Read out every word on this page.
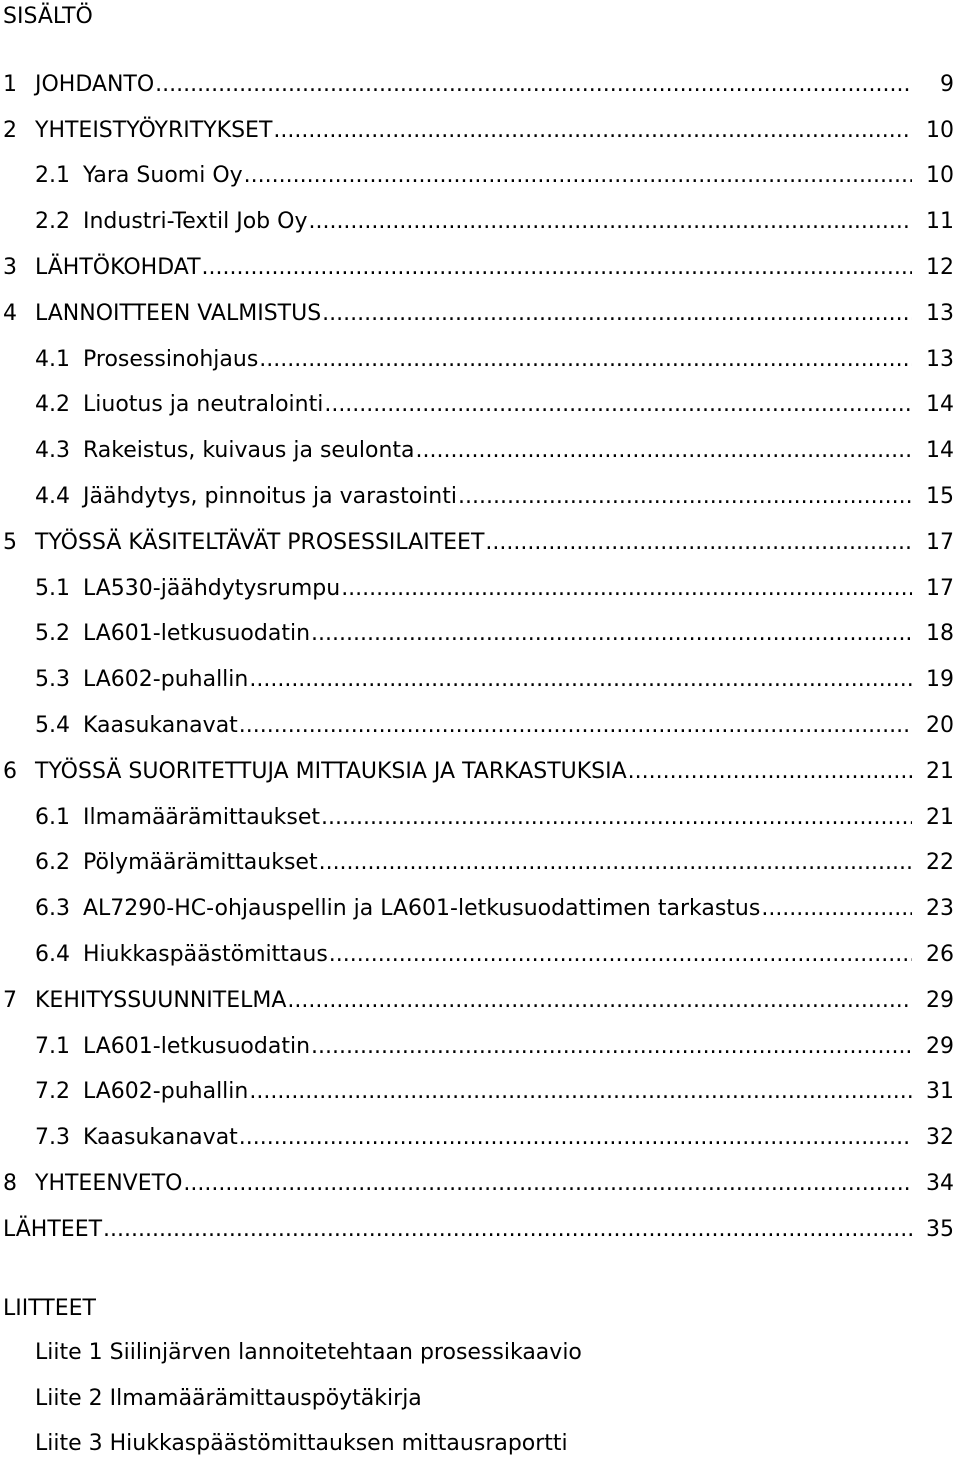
SISÄLTÖ
1 JOHDANTO .....	9
2 YHTEISTYÖYRITYKSET .....	10
2.1 Yara Suomi Oy .....	10
2.2 Industri-Textil Job Oy .....	11
3 LÄHTÖKOHDAT .....	12
4 LANNOITTEEN VALMISTUS .....	13
4.1 Prosessinohjaus .....	13
4.2 Liuotus ja neutralointi .....	14
4.3 Rakeistus, kuivaus ja seulonta .....	14
4.4 Jäähdytys, pinnoitus ja varastointi .....	15
5 TYÖSSÄ KÄSITELTÄVÄT PROSESSILAITEET .....	17
5.1 LA530-jäähdytysrumpu .....	17
5.2 LA601-letkusuodatin .....	18
5.3 LA602-puhallin .....	19
5.4 Kaasukanavat .....	20
6 TYÖSSÄ SUORITETTUJA MITTAUKSIA JA TARKASTUKSIA .....	21
6.1 Ilmamäärämittaukset .....	21
6.2 Pölymäärämittaukset .....	22
6.3 AL7290-HC-ohjauspellin ja LA601-letkusuodattimen tarkastus .....	23
6.4 Hiukkaspäästömittaus .....	26
7 KEHITYSSUUNNITELMA .....	29
7.1 LA601-letkusuodatin .....	29
7.2 LA602-puhallin .....	31
7.3 Kaasukanavat .....	32
8 YHTEENVETO .....	34
LÄHTEET .....	35
LIITTEET
Liite 1 Siilinjärven lannoitetehtaan prosessikaavio
Liite 2 Ilmamäärämittauspöytäkirja
Liite 3 Hiukkaspäästömittauksen mittausraportti
